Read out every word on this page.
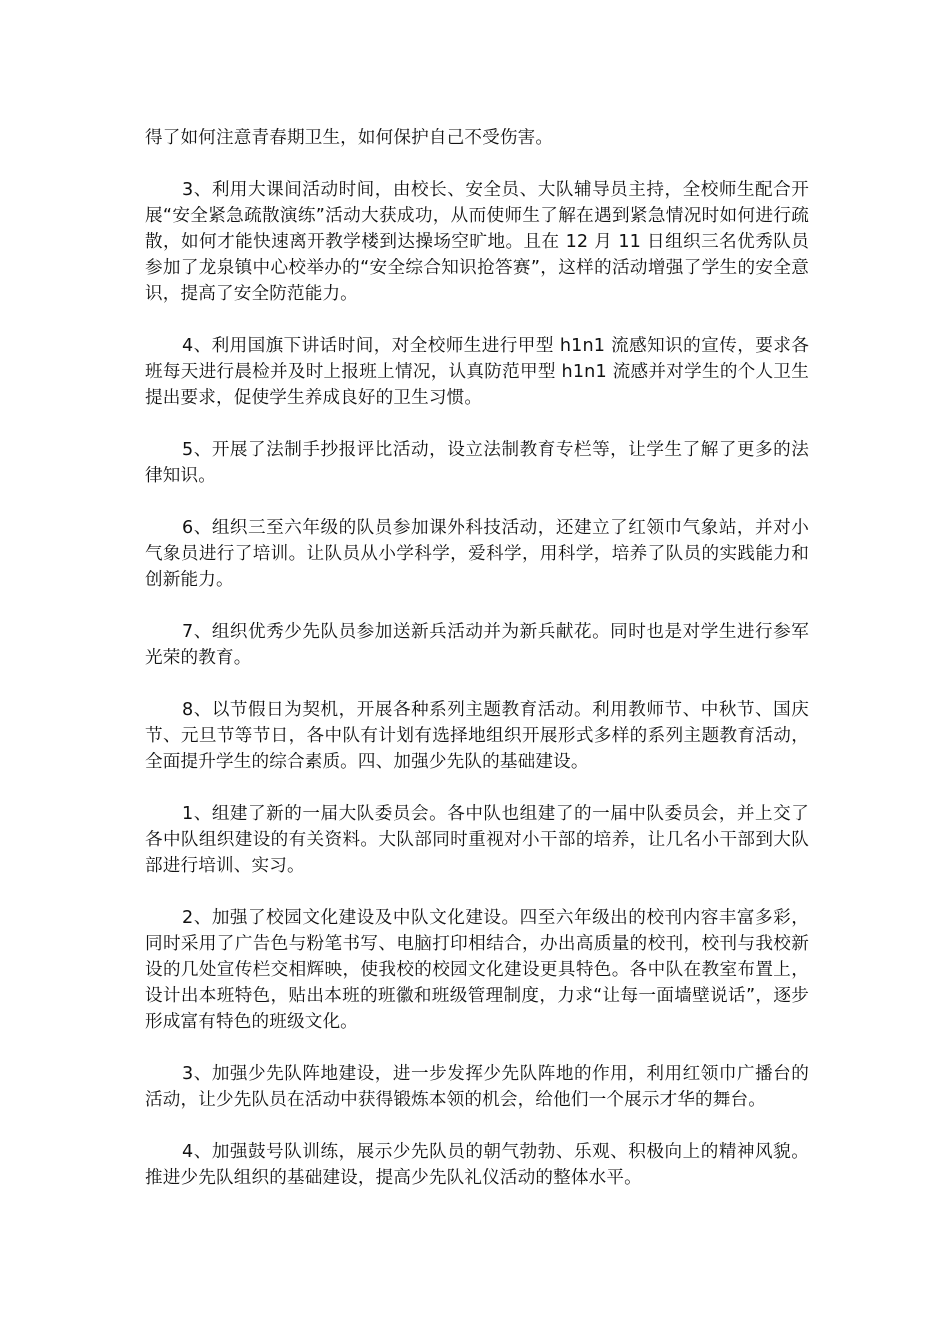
得了如何注意青春期卫生，如何保护自己不受伤害。

3、利用大课间活动时间，由校长、安全员、大队辅导员主持，全校师生配合开展“安全紧急疏散演练”活动大获成功，从而使师生了解在遇到紧急情况时如何进行疏散，如何才能快速离开教学楼到达操场空旷地。且在 12 月 11 日组织三名优秀队员参加了龙泉镇中心校举办的“安全综合知识抢答赛”，这样的活动增强了学生的安全意识，提高了安全防范能力。

4、利用国旗下讲话时间，对全校师生进行甲型 h1n1 流感知识的宣传，要求各班每天进行晨检并及时上报班上情况，认真防范甲型 h1n1 流感并对学生的个人卫生提出要求，促使学生养成良好的卫生习惯。

5、开展了法制手抄报评比活动，设立法制教育专栏等，让学生了解了更多的法律知识。

6、组织三至六年级的队员参加课外科技活动，还建立了红领巾气象站，并对小气象员进行了培训。让队员从小学科学，爱科学，用科学，培养了队员的实践能力和创新能力。

7、组织优秀少先队员参加送新兵活动并为新兵献花。同时也是对学生进行参军光荣的教育。

8、以节假日为契机，开展各种系列主题教育活动。利用教师节、中秋节、国庆节、元旦节等节日，各中队有计划有选择地组织开展形式多样的系列主题教育活动，全面提升学生的综合素质。四、加强少先队的基础建设。

1、组建了新的一届大队委员会。各中队也组建了的一届中队委员会，并上交了各中队组织建设的有关资料。大队部同时重视对小干部的培养，让几名小干部到大队部进行培训、实习。

2、加强了校园文化建设及中队文化建设。四至六年级出的校刊内容丰富多彩，同时采用了广告色与粉笔书写、电脑打印相结合，办出高质量的校刊，校刊与我校新设的几处宣传栏交相辉映，使我校的校园文化建设更具特色。各中队在教室布置上，设计出本班特色，贴出本班的班徽和班级管理制度，力求“让每一面墙壁说话”，逐步形成富有特色的班级文化。

3、加强少先队阵地建设，进一步发挥少先队阵地的作用，利用红领巾广播台的活动，让少先队员在活动中获得锻炼本领的机会，给他们一个展示才华的舞台。

4、加强鼓号队训练，展示少先队员的朝气勃勃、乐观、积极向上的精神风貌。推进少先队组织的基础建设，提高少先队礼仪活动的整体水平。
